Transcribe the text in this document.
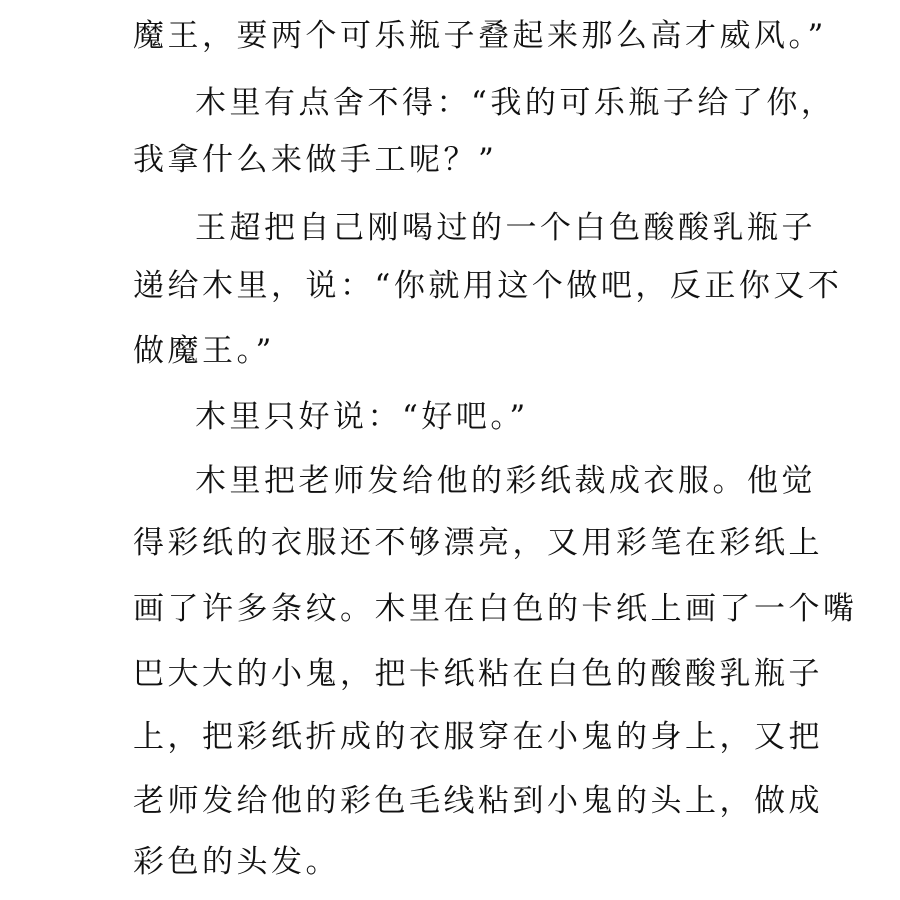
魔王，要两个可乐瓶子叠起来那么高才威风。”
木里有点舍不得：“我的可乐瓶子给了你，
我拿什么来做手工呢？”
王超把自己刚喝过的一个白色酸酸乳瓶子
递给木里，说：“你就用这个做吧，反正你又不
做魔王。”
木里只好说：“好吧。”
木里把老师发给他的彩纸裁成衣服。他觉
得彩纸的衣服还不够漂亮，又用彩笔在彩纸上
画了许多条纹。木里在白色的卡纸上画了一个嘴
巴大大的小鬼，把卡纸粘在白色的酸酸乳瓶子
上，把彩纸折成的衣服穿在小鬼的身上，又把
老师发给他的彩色毛线粘到小鬼的头上，做成
彩色的头发。
